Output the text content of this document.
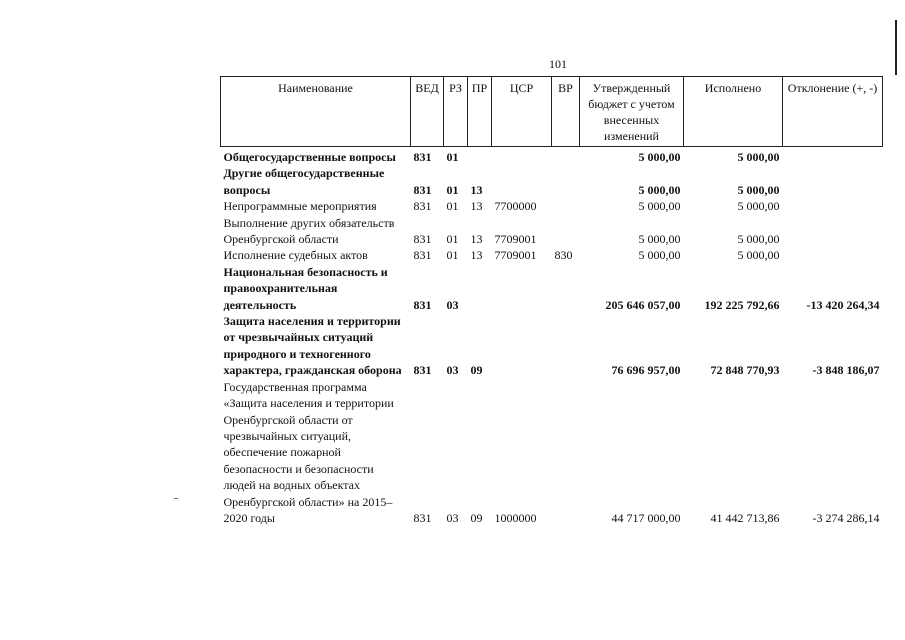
101
Наименование	ВЕД	РЗ	ПР	ЦСР	ВР	Утвержденный бюджет с учетом внесенных изменений	Исполнено	Отклонение (+, -)
Общегосударственные вопросы	831	01				5 000,00	5 000,00	
Другие общегосударственные вопросы	831	01	13			5 000,00	5 000,00	
Непрограммные мероприятия	831	01	13	7700000		5 000,00	5 000,00	
Выполнение других обязательств Оренбургской области	831	01	13	7709001		5 000,00	5 000,00	
Исполнение судебных актов	831	01	13	7709001	830	5 000,00	5 000,00	
Национальная безопасность и правоохранительная деятельность	831	03				205 646 057,00	192 225 792,66	-13 420 264,34
Защита населения и территории от чрезвычайных ситуаций природного и техногенного характера, гражданская оборона	831	03	09			76 696 957,00	72 848 770,93	-3 848 186,07
Государственная программа «Защита населения и территории Оренбургской области от чрезвычайных ситуаций, обеспечение пожарной безопасности и безопасности людей на водных объектах Оренбургской области» на 2015–2020 годы	831	03	09	1000000		44 717 000,00	41 442 713,86	-3 274 286,14
